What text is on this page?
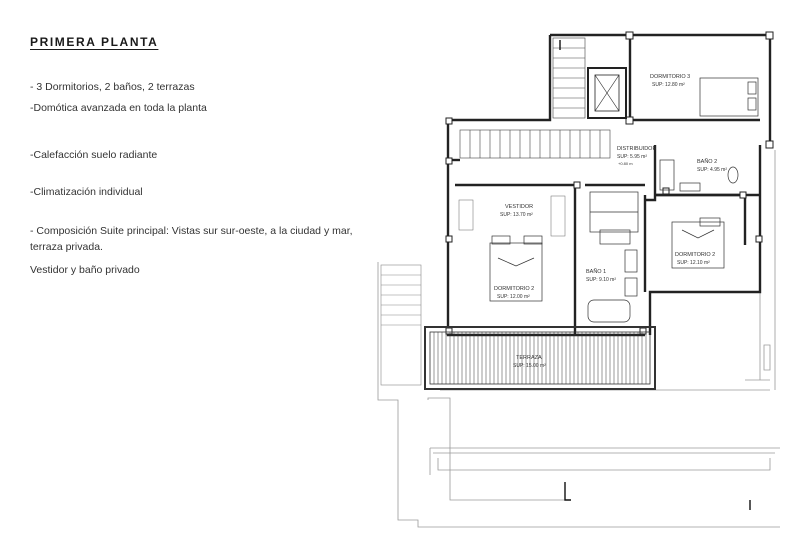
PRIMERA PLANTA
- 3 Dormitorios, 2 baños, 2 terrazas
-Domótica avanzada en toda la planta
-Calefacción suelo radiante
-Climatización individual
- Composición Suite principal: Vistas sur sur-oeste, a la ciudad y mar, terraza privada.
Vestidor y baño privado
DORMITORIO 3
SUP: 12.80 m²
DISTRIBUIDOR
SUP: 5.95 m²
+0.80 m	BAÑO 2
SUP: 4.95 m²
VESTIDOR
SUP: 13.70 m²
DORMITORIO 2
SUP: 12.10 m²
DORMITORIO 2
SUP: 12.00 m²
BAÑO 1
SUP: 9.10 m²
TERRAZA
SUP: 15.00 m²
